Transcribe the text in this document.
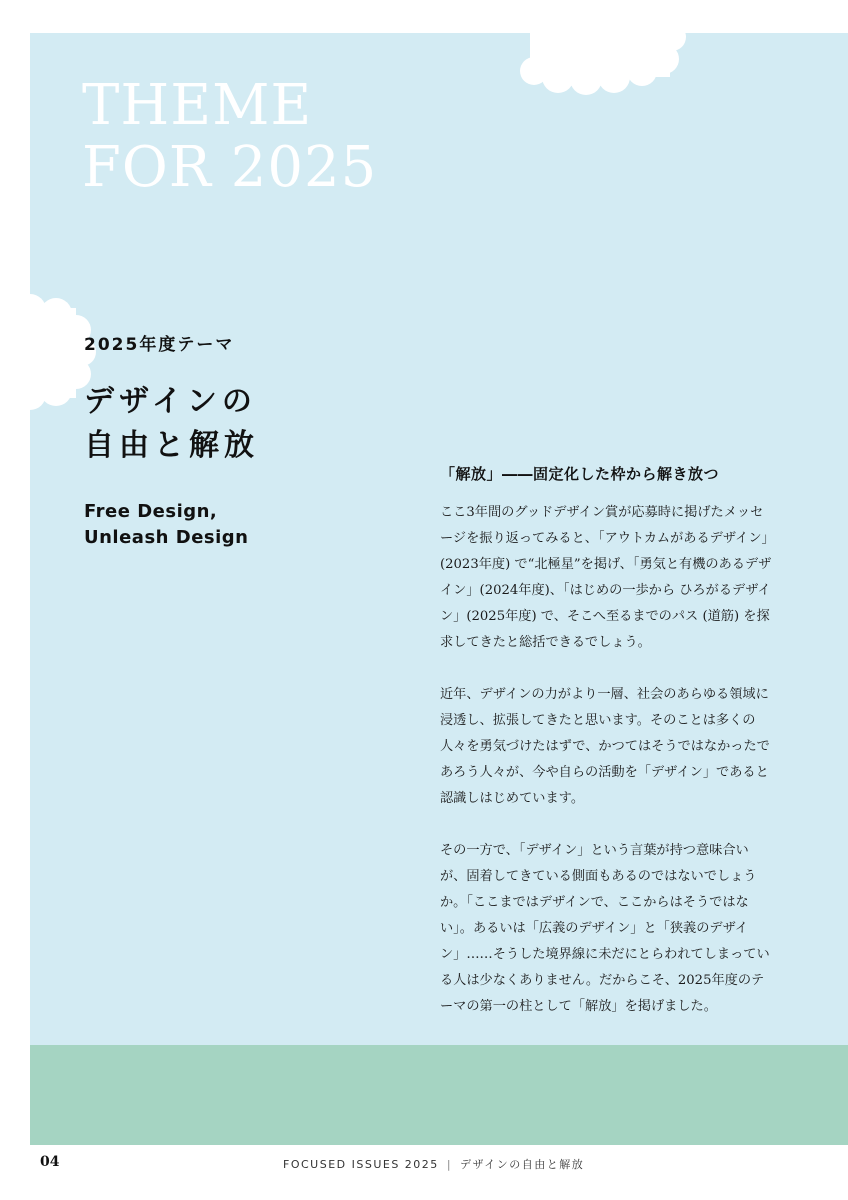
THEME
FOR 2025

2025年度テーマ

デザインの
自由と解放

Free Design,
Unleash Design

「解放」――固定化した枠から解き放つ

ここ3年間のグッドデザイン賞が応募時に掲げたメッセージを振り返ってみると、「アウトカムがあるデザイン」(2023年度) で“北極星”を掲げ、「勇気と有機のあるデザイン」(2024年度)、「はじめの一歩から ひろがるデザイン」(2025年度) で、そこへ至るまでのパス (道筋) を探求してきたと総括できるでしょう。

近年、デザインの力がより一層、社会のあらゆる領域に浸透し、拡張してきたと思います。そのことは多くの人々を勇気づけたはずで、かつてはそうではなかったであろう人々が、今や自らの活動を「デザイン」であると認識しはじめています。

その一方で、「デザイン」という言葉が持つ意味合いが、固着してきている側面もあるのではないでしょうか。「ここまではデザインで、ここからはそうではない」。あるいは「広義のデザイン」と「狭義のデザイン」……そうした境界線に未だにとらわれてしまっている人は少なくありません。だからこそ、2025年度のテーマの第一の柱として「解放」を掲げました。

04	FOCUSED ISSUES 2025 | デザインの自由と解放
